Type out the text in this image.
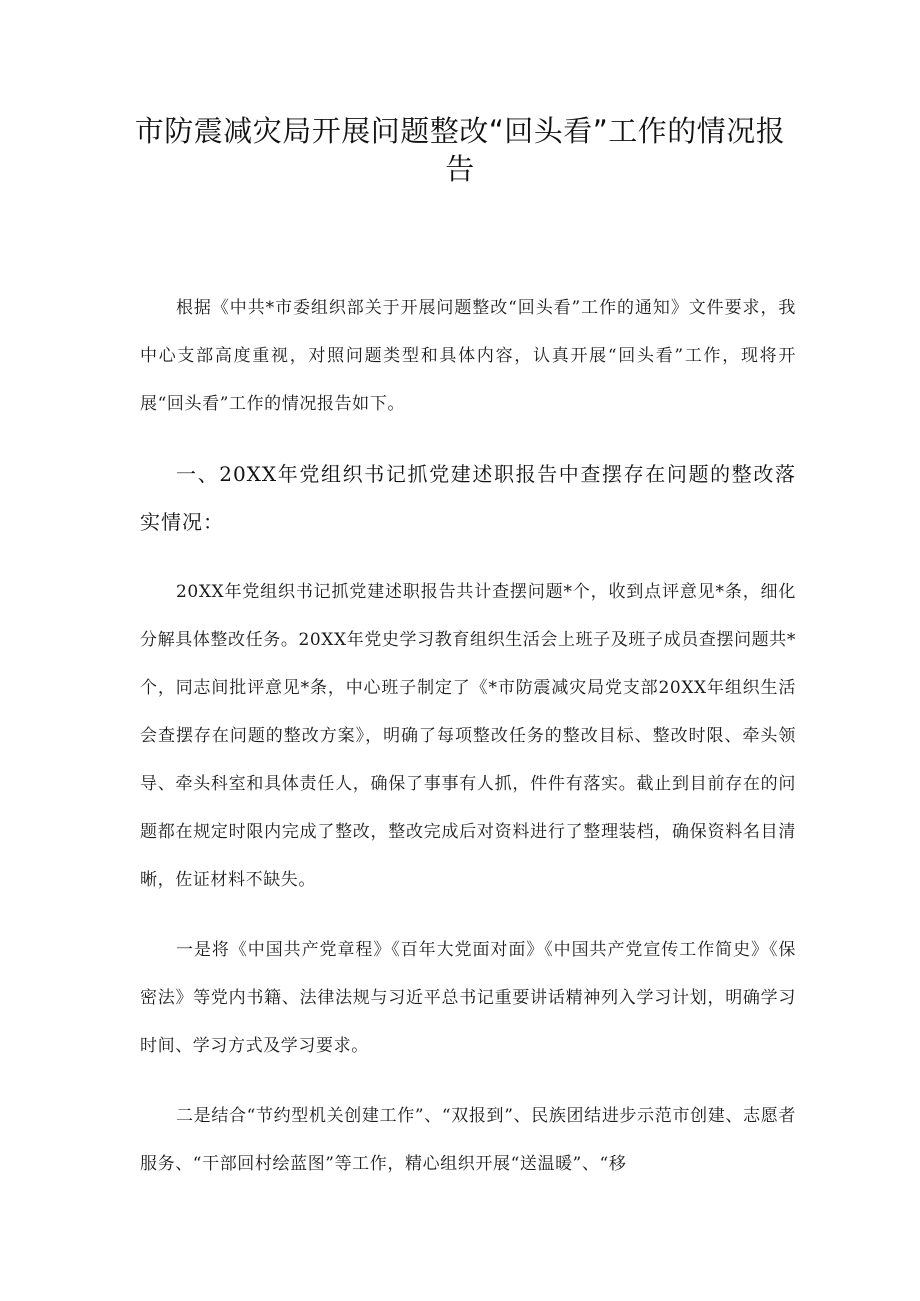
市防震减灾局开展问题整改“回头看”工作的情况报告

根据《中共*市委组织部关于开展问题整改“回头看”工作的通知》文件要求，我中心支部高度重视，对照问题类型和具体内容，认真开展“回头看”工作，现将开展“回头看”工作的情况报告如下。

一、20XX年党组织书记抓党建述职报告中查摆存在问题的整改落实情况：

20XX年党组织书记抓党建述职报告共计查摆问题*个，收到点评意见*条，细化分解具体整改任务。20XX年党史学习教育组织生活会上班子及班子成员查摆问题共*个，同志间批评意见*条，中心班子制定了《*市防震减灾局党支部20XX年组织生活会查摆存在问题的整改方案》，明确了每项整改任务的整改目标、整改时限、牵头领导、牵头科室和具体责任人，确保了事事有人抓，件件有落实。截止到目前存在的问题都在规定时限内完成了整改，整改完成后对资料进行了整理装档，确保资料名目清晰，佐证材料不缺失。

一是将《中国共产党章程》《百年大党面对面》《中国共产党宣传工作简史》《保密法》等党内书籍、法律法规与习近平总书记重要讲话精神列入学习计划，明确学习时间、学习方式及学习要求。

二是结合“节约型机关创建工作”、“双报到”、民族团结进步示范市创建、志愿者服务、“干部回村绘蓝图”等工作，精心组织开展“送温暖”、“移
